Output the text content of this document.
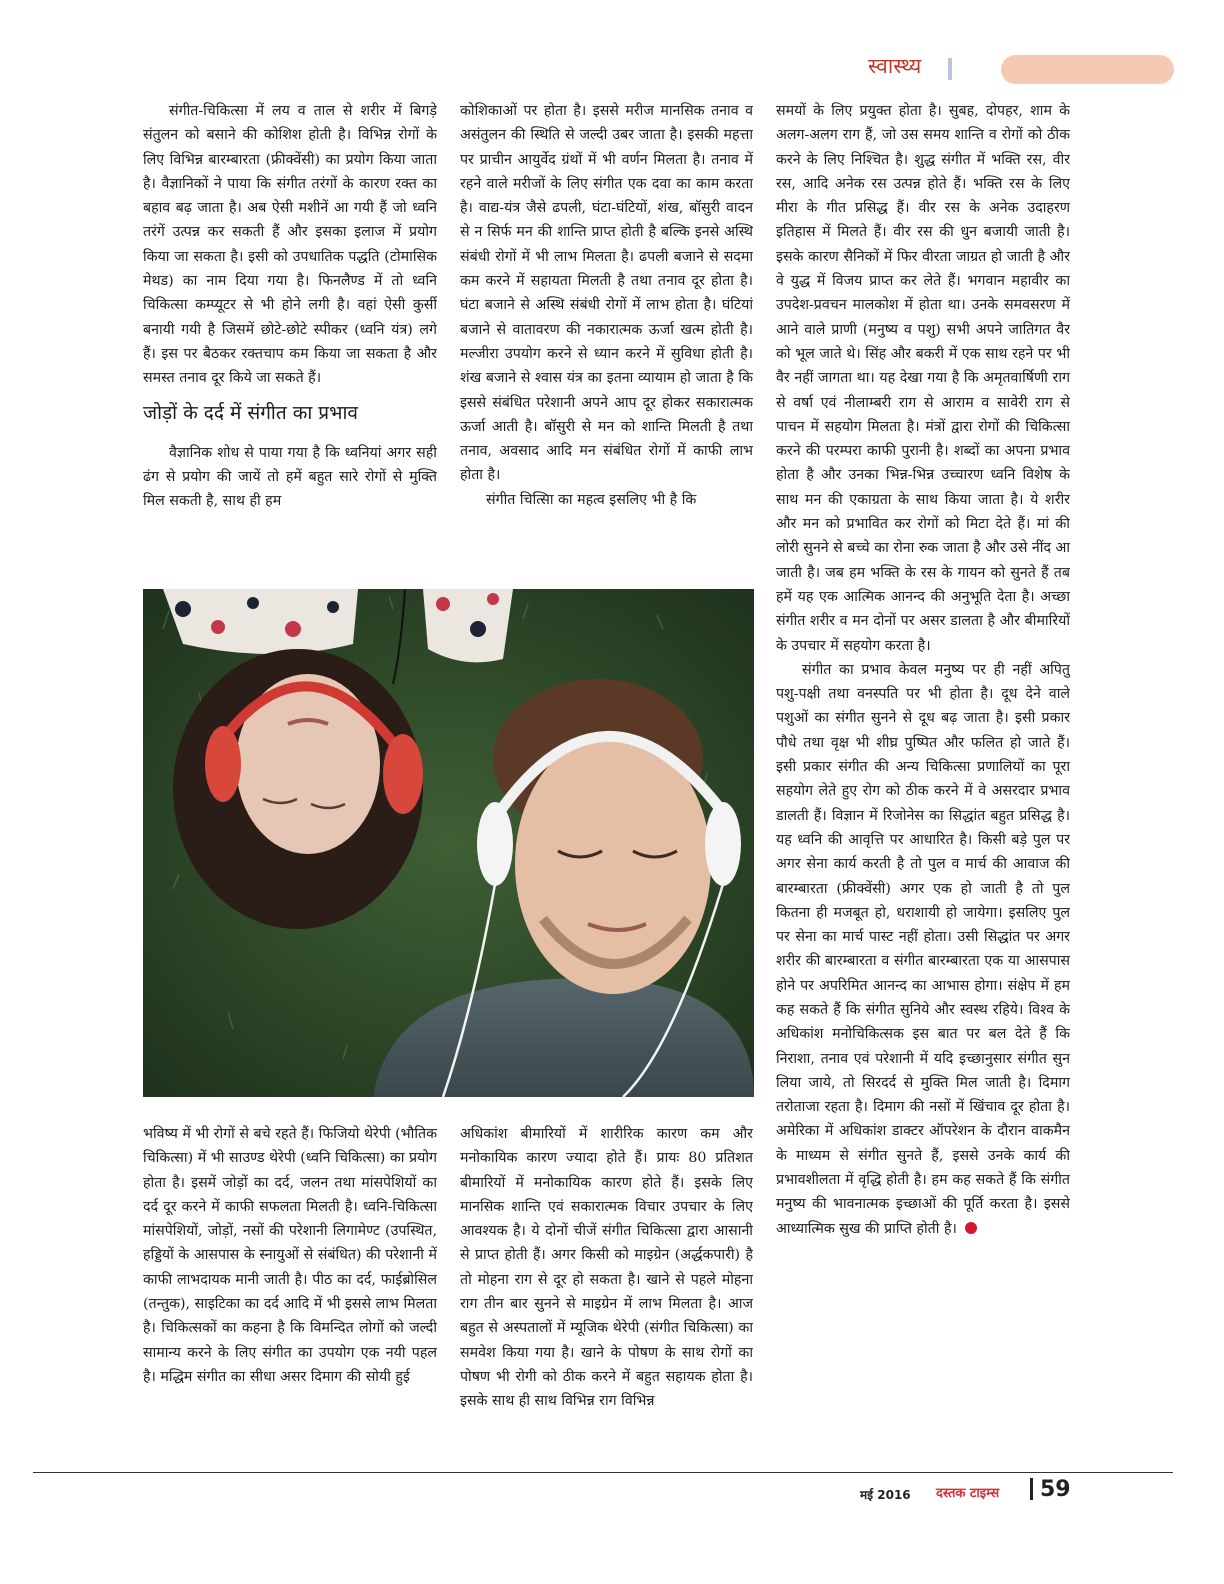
स्वास्थ्य

संगीत-चिकित्सा में लय व ताल से शरीर में बिगड़े संतुलन को बसाने की कोशिश होती है। विभिन्न रोगों के लिए विभिन्न बारम्बारता (फ्रीक्वेंसी) का प्रयोग किया जाता है। वैज्ञानिकों ने पाया कि संगीत तरंगों के कारण रक्त का बहाव बढ़ जाता है। अब ऐसी मशीनें आ गयी हैं जो ध्वनि तरंगें उत्पन्न कर सकती हैं और इसका इलाज में प्रयोग किया जा सकता है। इसी को उपधातिक पद्धति (टोमासिक मेथड) का नाम दिया गया है। फिनलैण्ड में तो ध्वनि चिकित्सा कम्प्यूटर से भी होने लगी है। वहां ऐसी कुर्सी बनायी गयी है जिसमें छोटे-छोटे स्पीकर (ध्वनि यंत्र) लगे हैं। इस पर बैठकर रक्तचाप कम किया जा सकता है और समस्त तनाव दूर किये जा सकते हैं।

जोड़ों के दर्द में संगीत का प्रभाव

वैज्ञानिक शोध से पाया गया है कि ध्वनियां अगर सही ढंग से प्रयोग की जायें तो हमें बहुत सारे रोगों से मुक्ति मिल सकती है, साथ ही हम

कोशिकाओं पर होता है। इससे मरीज मानसिक तनाव व असंतुलन की स्थिति से जल्दी उबर जाता है। इसकी महत्ता पर प्राचीन आयुर्वेद ग्रंथों में भी वर्णन मिलता है। तनाव में रहने वाले मरीजों के लिए संगीत एक दवा का काम करता है। वाद्य-यंत्र जैसे ढपली, घंटा-घंटियों, शंख, बॉसुरी वादन से न सिर्फ मन की शान्ति प्राप्त होती है बल्कि इनसे अस्थि संबंधी रोगों में भी लाभ मिलता है। ढपली बजाने से सदमा कम करने में सहायता मिलती है तथा तनाव दूर होता है। घंटा बजाने से अस्थि संबंधी रोगों में लाभ होता है। घंटियां बजाने से वातावरण की नकारात्मक ऊर्जा खत्म होती है। मल्जीरा उपयोग करने से ध्यान करने में सुविधा होती है। शंख बजाने से श्वास यंत्र का इतना व्यायाम हो जाता है कि इससे संबंधित परेशानी अपने आप दूर होकर सकारात्मक ऊर्जा आती है। बॉसुरी से मन को शान्ति मिलती है तथा तनाव, अवसाद आदि मन संबंधित रोगों में काफी लाभ होता है।

संगीत चित्सिा का महत्व इसलिए भी है कि

समयों के लिए प्रयुक्त होता है। सुबह, दोपहर, शाम के अलग-अलग राग हैं, जो उस समय शान्ति व रोगों को ठीक करने के लिए निश्चित है। शुद्ध संगीत में भक्ति रस, वीर रस, आदि अनेक रस उत्पन्न होते हैं। भक्ति रस के लिए मीरा के गीत प्रसिद्ध हैं। वीर रस के अनेक उदाहरण इतिहास में मिलते हैं। वीर रस की धुन बजायी जाती है। इसके कारण सैनिकों में फिर वीरता जाग्रत हो जाती है और वे युद्ध में विजय प्राप्त कर लेते हैं। भगवान महावीर का उपदेश-प्रवचन मालकोश में होता था। उनके समवसरण में आने वाले प्राणी (मनुष्य व पशु) सभी अपने जातिगत वैर को भूल जाते थे। सिंह और बकरी में एक साथ रहने पर भी वैर नहीं जागता था। यह देखा गया है कि अमृतवार्षिणी राग से वर्षा एवं नीलाम्बरी राग से आराम व सावेरी राग से पाचन में सहयोग मिलता है। मंत्रों द्वारा रोगों की चिकित्सा करने की परम्परा काफी पुरानी है। शब्दों का अपना प्रभाव होता है और उनका भिन्न-भिन्न उच्चारण ध्वनि विशेष के साथ मन की एकाग्रता के साथ किया जाता है। ये शरीर और मन को प्रभावित कर रोगों को मिटा देते हैं। मां की लोरी सुनने से बच्चे का रोना रुक जाता है और उसे नींद आ जाती है। जब हम भक्ति के रस के गायन को सुनते हैं तब हमें यह एक आत्मिक आनन्द की अनुभूति देता है। अच्छा संगीत शरीर व मन दोनों पर असर डालता है और बीमारियों के उपचार में सहयोग करता है।

संगीत का प्रभाव केवल मनुष्य पर ही नहीं अपितु पशु-पक्षी तथा वनस्पति पर भी होता है। दूध देने वाले पशुओं का संगीत सुनने से दूध बढ़ जाता है। इसी प्रकार पौधे तथा वृक्ष भी शीघ्र पुष्पित और फलित हो जाते हैं। इसी प्रकार संगीत की अन्य चिकित्सा प्रणालियों का पूरा सहयोग लेते हुए रोग को ठीक करने में वे असरदार प्रभाव डालती हैं। विज्ञान में रिजोनेस का सिद्धांत बहुत प्रसिद्ध है। यह ध्वनि की आवृत्ति पर आधारित है। किसी बड़े पुल पर अगर सेना कार्य करती है तो पुल व मार्च की आवाज की बारम्बारता (फ्रीक्वेंसी) अगर एक हो जाती है तो पुल कितना ही मजबूत हो, धराशायी हो जायेगा। इसलिए पुल पर सेना का मार्च पास्ट नहीं होता। उसी सिद्धांत पर अगर शरीर की बारम्बारता व संगीत बारम्बारता एक या आसपास होने पर अपरिमित आनन्द का आभास होगा। संक्षेप में हम कह सकते हैं कि संगीत सुनिये और स्वस्थ रहिये। विश्व के अधिकांश मनोचिकित्सक इस बात पर बल देते हैं कि निराशा, तनाव एवं परेशानी में यदि इच्छानुसार संगीत सुन लिया जाये, तो सिरदर्द से मुक्ति मिल जाती है। दिमाग तरोताजा रहता है। दिमाग की नसों में खिंचाव दूर होता है। अमेरिका में अधिकांश डाक्टर ऑपरेशन के दौरान वाकमैन के माध्यम से संगीत सुनते हैं, इससे उनके कार्य की प्रभावशीलता में वृद्धि होती है। हम कह सकते हैं कि संगीत मनुष्य की भावनात्मक इच्छाओं की पूर्ति करता है। इससे आध्यात्मिक सुख की प्राप्ति होती है।

भविष्य में भी रोगों से बचे रहते हैं। फिजियो थेरेपी (भौतिक चिकित्सा) में भी साउण्ड थेरेपी (ध्वनि चिकित्सा) का प्रयोग होता है। इसमें जोड़ों का दर्द, जलन तथा मांसपेशियों का दर्द दूर करने में काफी सफलता मिलती है। ध्वनि-चिकित्सा मांसपेशियों, जोड़ों, नसों की परेशानी लिगामेण्ट (उपस्थित, हड्डियों के आसपास के स्नायुओं से संबंधित) की परेशानी में काफी लाभदायक मानी जाती है। पीठ का दर्द, फाईब्रोसिल (तन्तुक), साइटिका का दर्द आदि में भी इससे लाभ मिलता है। चिकित्सकों का कहना है कि विमन्दित लोगों को जल्दी सामान्य करने के लिए संगीत का उपयोग एक नयी पहल है। मद्धिम संगीत का सीधा असर दिमाग की सोयी हुई

अधिकांश बीमारियों में शारीरिक कारण कम और मनोकायिक कारण ज्यादा होते हैं। प्रायः 80 प्रतिशत बीमारियों में मनोकायिक कारण होते हैं। इसके लिए मानसिक शान्ति एवं सकारात्मक विचार उपचार के लिए आवश्यक है। ये दोनों चीजें संगीत चिकित्सा द्वारा आसानी से प्राप्त होती हैं। अगर किसी को माइग्रेन (अर्द्धकपारी) है तो मोहना राग से दूर हो सकता है। खाने से पहले मोहना राग तीन बार सुनने से माइग्रेन में लाभ मिलता है। आज बहुत से अस्पतालों में म्यूजिक थेरेपी (संगीत चिकित्सा) का समवेश किया गया है। खाने के पोषण के साथ रोगों का पोषण भी रोगी को ठीक करने में बहुत सहायक होता है। इसके साथ ही साथ विभिन्न राग विभिन्न

मई 2016 दस्तक टाइम्स 59
